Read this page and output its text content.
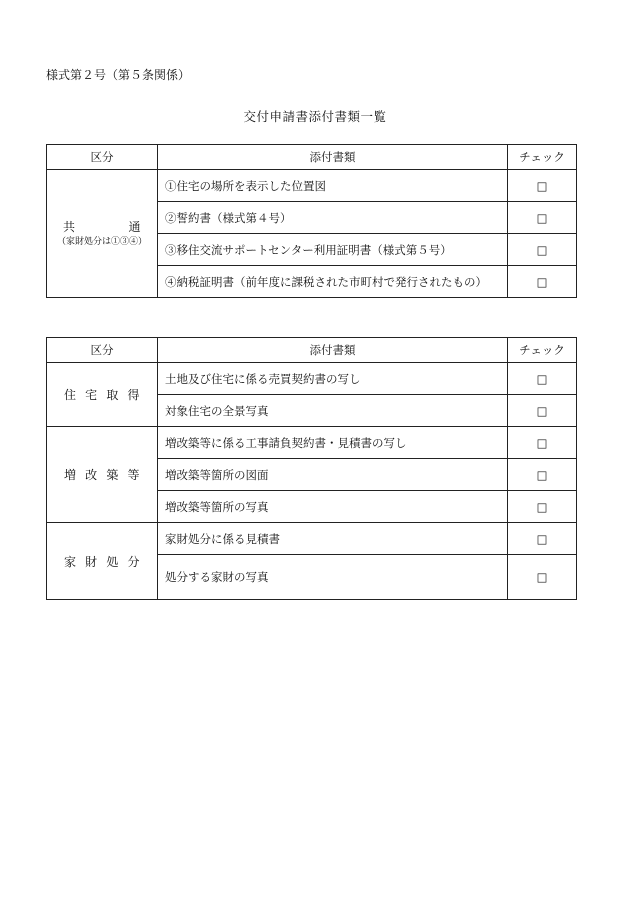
様式第２号（第５条関係）
交付申請書添付書類一覧
区分	添付書類	チェック

共 通
（家財処分は①③④）	①住宅の場所を表示した位置図	□
	②誓約書（様式第４号）	□
	③移住交流サポートセンター利用証明書（様式第５号）	□
	④納税証明書（前年度に課税された市町村で発行されたもの）	□
区分	添付書類	チェック

住 宅 取 得	土地及び住宅に係る売買契約書の写し	□
	対象住宅の全景写真	□

増 改 築 等	増改築等に係る工事請負契約書・見積書の写し	□
	増改築等箇所の図面	□
	増改築等箇所の写真	□

家 財 処 分	家財処分に係る見積書	□
	処分する家財の写真	□
